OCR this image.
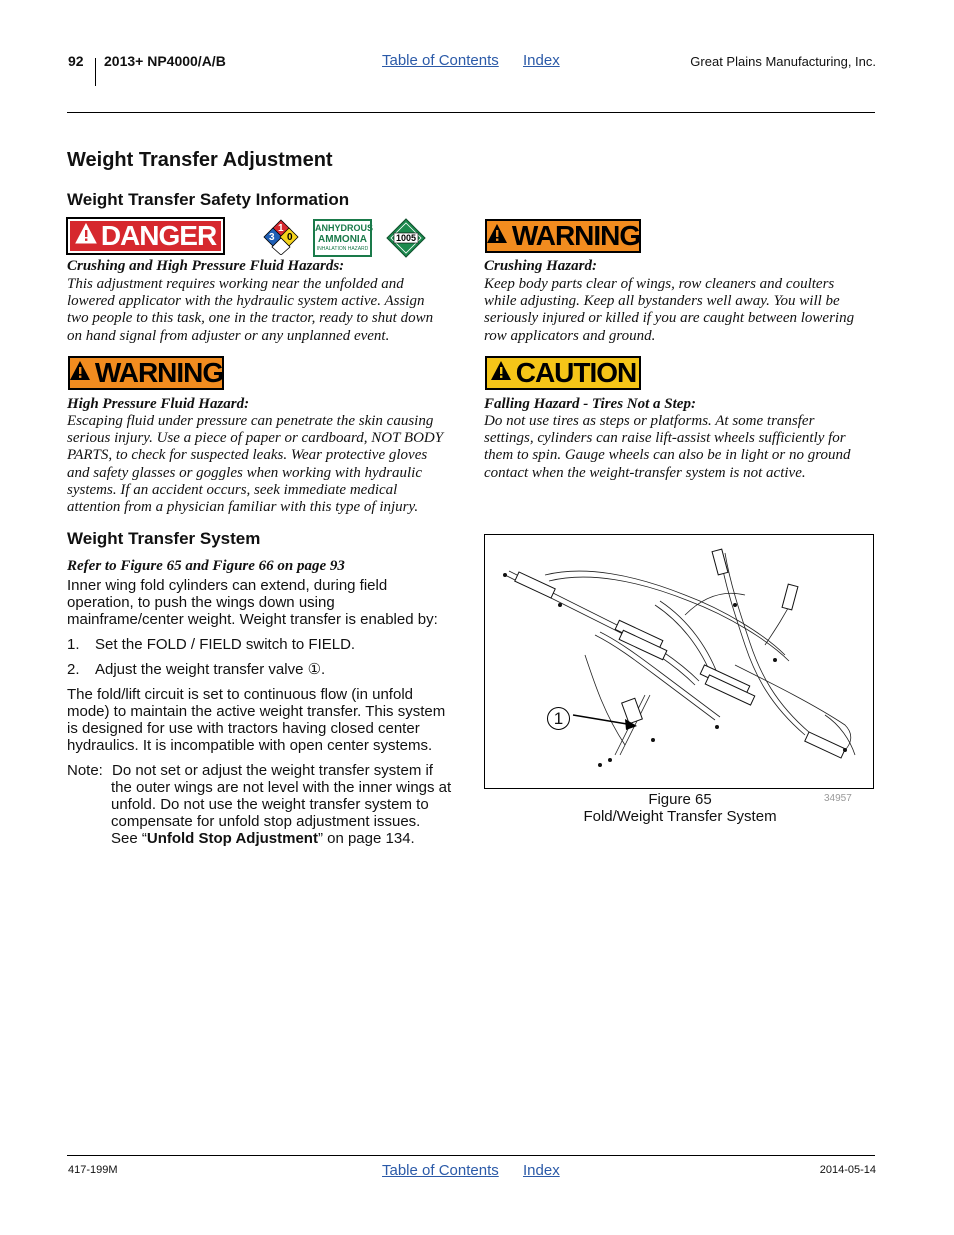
92 2013+ NP4000/A/B	Table of Contents Index	Great Plains Manufacturing, Inc.
Weight Transfer Adjustment
Weight Transfer Safety Information
DANGER	3
1
0
ANHYDROUS
AMMONIA
INHALATION HAZARD
1005
Crushing and High Pressure Fluid Hazards:
This adjustment requires working near the unfolded and
lowered applicator with the hydraulic system active. Assign
two people to this task, one in the tractor, ready to shut down
on hand signal from adjuster or any unplanned event.
WARNING
High Pressure Fluid Hazard:
Escaping fluid under pressure can penetrate the skin causing
serious injury. Use a piece of paper or cardboard, NOT BODY
PARTS, to check for suspected leaks. Wear protective gloves
and safety glasses or goggles when working with hydraulic
systems. If an accident occurs, seek immediate medical
attention from a physician familiar with this type of injury.
WARNING
Crushing Hazard:
Keep body parts clear of wings, row cleaners and coulters
while adjusting. Keep all bystanders well away. You will be
seriously injured or killed if you are caught between lowering
row applicators and ground.
CAUTION
Falling Hazard - Tires Not a Step:
Do not use tires as steps or platforms. At some transfer
settings, cylinders can raise lift-assist wheels sufficiently for
them to spin. Gauge wheels can also be in light or no ground
contact when the weight-transfer system is not active.
Weight Transfer System
Refer to Figure 65 and Figure 66 on page 93
Inner wing fold cylinders can extend, during field
operation, to push the wings down using
mainframe/center weight. Weight transfer is enabled by:
1. Set the FOLD / FIELD switch to FIELD.
2. Adjust the weight transfer valve ①.
The fold/lift circuit is set to continuous flow (in unfold
mode) to maintain the active weight transfer. This system
is designed for use with tractors having closed center
hydraulics. It is incompatible with open center systems.
Note: Do not set or adjust the weight transfer system if
the outer wings are not level with the inner wings at
unfold. Do not use the weight transfer system to
compensate for unfold stop adjustment issues.
See “Unfold Stop Adjustment” on page 134.
1
Figure 65
Fold/Weight Transfer System
34957
417-199M	Table of Contents Index	2014-05-14
